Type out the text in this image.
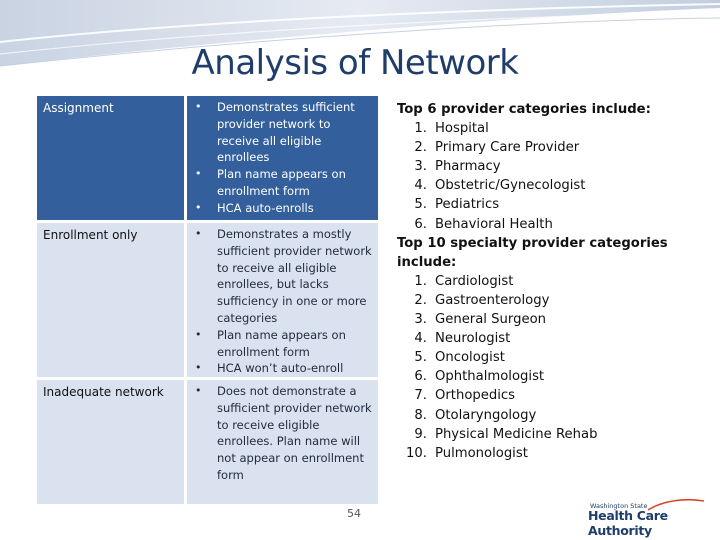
Analysis of Network
Assignment	• Demonstrates sufficient provider network to receive all eligible enrollees
• Plan name appears on enrollment form
• HCA auto-enrolls
Enrollment only	• Demonstrates a mostly sufficient provider network to receive all eligible enrollees, but lacks sufficiency in one or more categories
• Plan name appears on enrollment form
• HCA won’t auto-enroll
Inadequate network	• Does not demonstrate a sufficient provider network to receive eligible enrollees. Plan name will not appear on enrollment form
54
Top 6 provider categories include:
1. Hospital
2. Primary Care Provider
3. Pharmacy
4. Obstetric/Gynecologist
5. Pediatrics
6. Behavioral Health
Top 10 specialty provider categories
include:
1. Cardiologist
2. Gastroenterology
3. General Surgeon
4. Neurologist
5. Oncologist
6. Ophthalmologist
7. Orthopedics
8. Otolaryngology
9. Physical Medicine Rehab
10. Pulmonologist
Washington State
Health Care Authority
